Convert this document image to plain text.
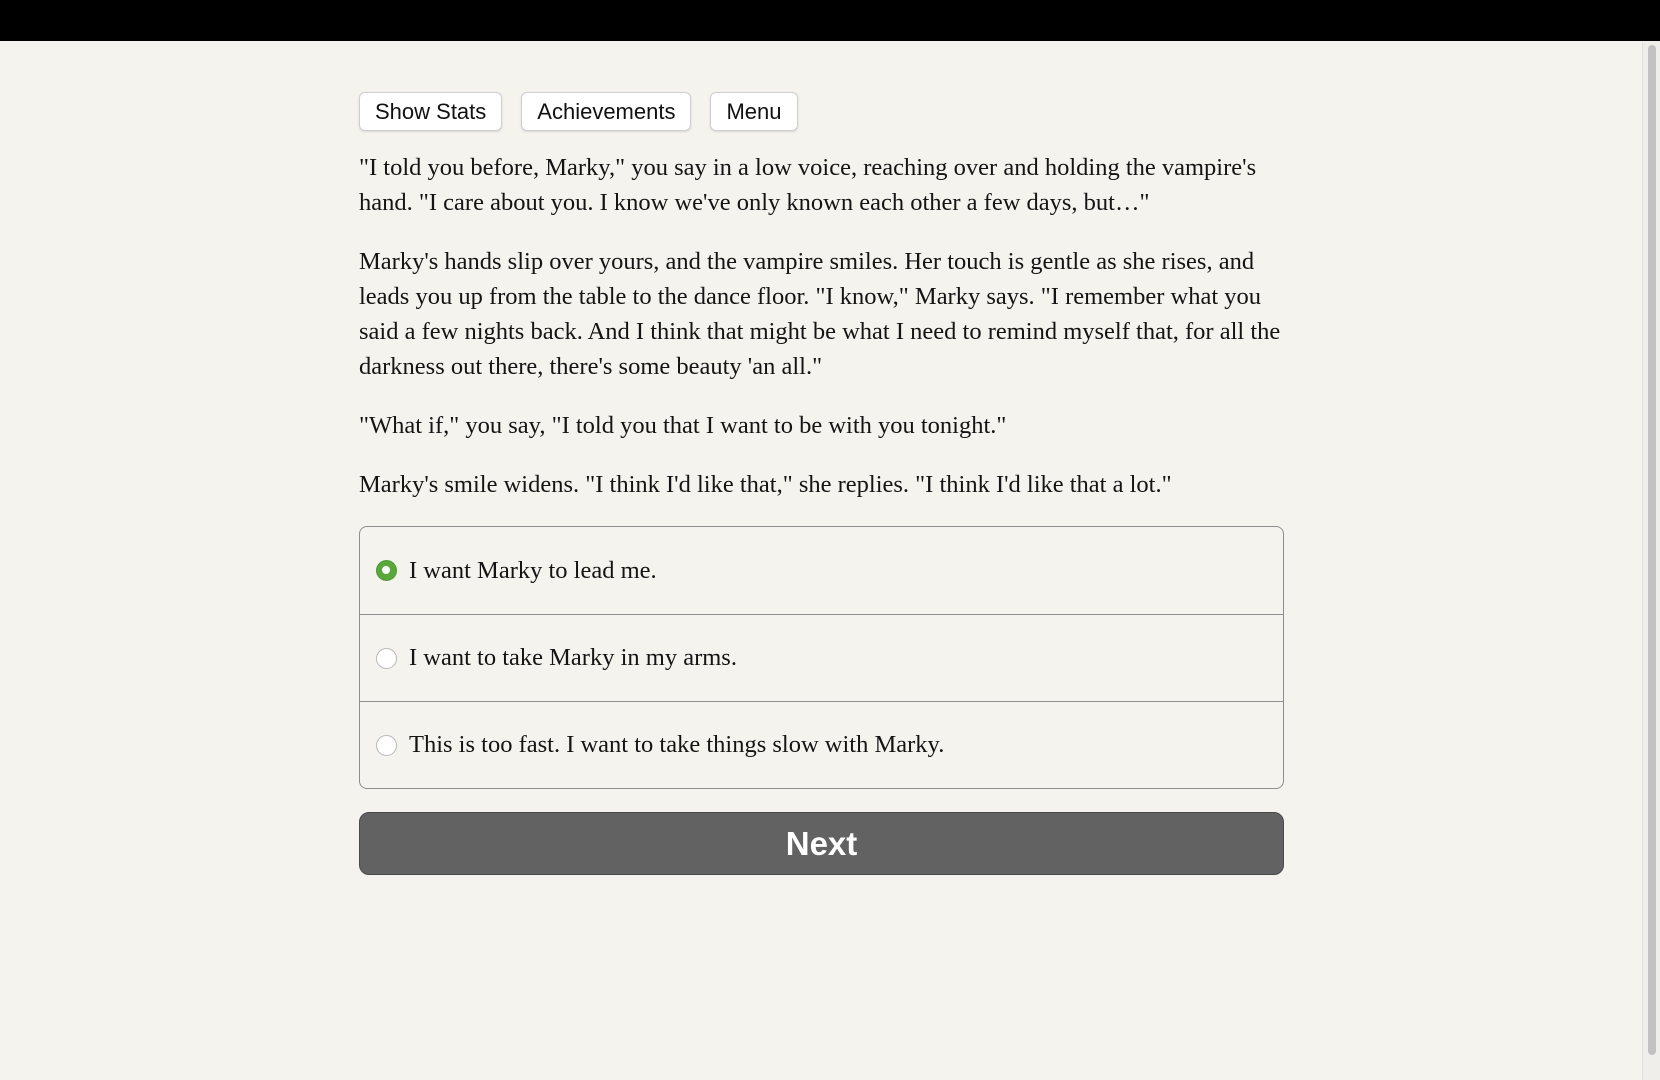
Show Stats	Achievements	Menu

"I told you before, Marky," you say in a low voice, reaching over and holding the vampire's hand. "I care about you. I know we've only known each other a few days, but…"

Marky's hands slip over yours, and the vampire smiles. Her touch is gentle as she rises, and leads you up from the table to the dance floor. "I know," Marky says. "I remember what you said a few nights back. And I think that might be what I need to remind myself that, for all the darkness out there, there's some beauty 'an all."

"What if," you say, "I told you that I want to be with you tonight."

Marky's smile widens. "I think I'd like that," she replies. "I think I'd like that a lot."

I want Marky to lead me.
I want to take Marky in my arms.
This is too fast. I want to take things slow with Marky.
Next
